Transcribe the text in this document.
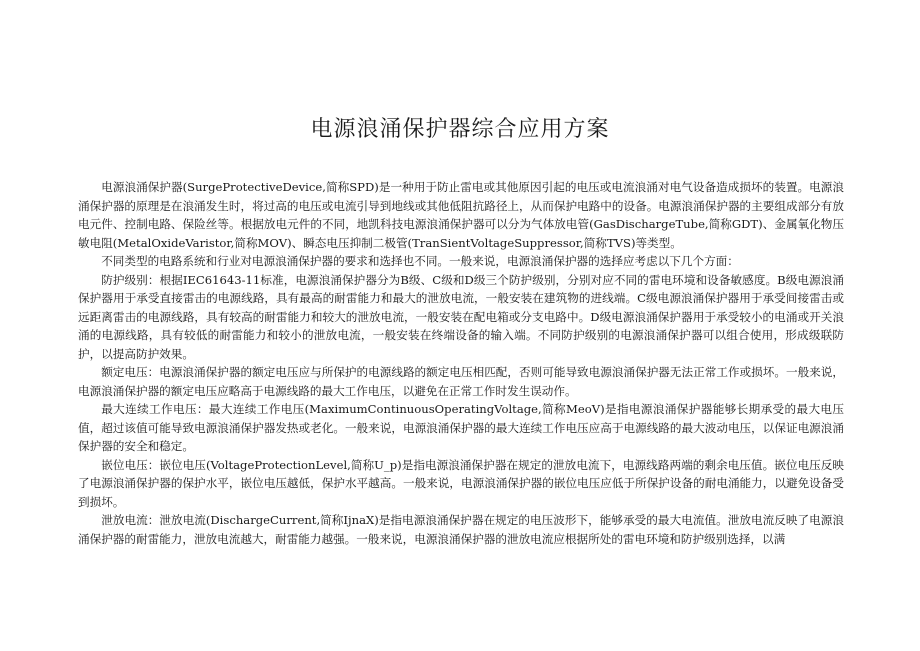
电源浪涌保护器综合应用方案

电源浪涌保护器(SurgeProtectiveDevice,简称SPD)是一种用于防止雷电或其他原因引起的电压或电流浪涌对电气设备造成损坏的装置。电源浪涌保护器的原理是在浪涌发生时，将过高的电压或电流引导到地线或其他低阻抗路径上，从而保护电路中的设备。电源浪涌保护器的主要组成部分有放电元件、控制电路、保险丝等。根据放电元件的不同，地凯科技电源浪涌保护器可以分为气体放电管(GasDischargeTube,简称GDT)、金属氧化物压敏电阻(MetalOxideVaristor,简称MOV)、瞬态电压抑制二极管(TranSientVoltageSuppressor,简称TVS)等类型。

不同类型的电路系统和行业对电源浪涌保护器的要求和选择也不同。一般来说，电源浪涌保护器的选择应考虑以下几个方面：

防护级别：根据IEC61643-11标准，电源浪涌保护器分为B级、C级和D级三个防护级别，分别对应不同的雷电环境和设备敏感度。B级电源浪涌保护器用于承受直接雷击的电源线路，具有最高的耐雷能力和最大的泄放电流，一般安装在建筑物的进线端。C级电源浪涌保护器用于承受间接雷击或远距离雷击的电源线路，具有较高的耐雷能力和较大的泄放电流，一般安装在配电箱或分支电路中。D级电源浪涌保护器用于承受较小的电涌或开关浪涌的电源线路，具有较低的耐雷能力和较小的泄放电流，一般安装在终端设备的输入端。不同防护级别的电源浪涌保护器可以组合使用，形成级联防护，以提高防护效果。

额定电压：电源浪涌保护器的额定电压应与所保护的电源线路的额定电压相匹配，否则可能导致电源浪涌保护器无法正常工作或损坏。一般来说，电源浪涌保护器的额定电压应略高于电源线路的最大工作电压，以避免在正常工作时发生误动作。

最大连续工作电压：最大连续工作电压(MaximumContinuousOperatingVoltage,简称MeoV)是指电源浪涌保护器能够长期承受的最大电压值，超过该值可能导致电源浪涌保护器发热或老化。一般来说，电源浪涌保护器的最大连续工作电压应高于电源线路的最大波动电压，以保证电源浪涌保护器的安全和稳定。

嵌位电压：嵌位电压(VoltageProtectionLevel,简称U_p)是指电源浪涌保护器在规定的泄放电流下，电源线路两端的剩余电压值。嵌位电压反映了电源浪涌保护器的保护水平，嵌位电压越低，保护水平越高。一般来说，电源浪涌保护器的嵌位电压应低于所保护设备的耐电涌能力，以避免设备受到损坏。

泄放电流：泄放电流(DischargeCurrent,简称IjnaX)是指电源浪涌保护器在规定的电压波形下，能够承受的最大电流值。泄放电流反映了电源浪涌保护器的耐雷能力，泄放电流越大，耐雷能力越强。一般来说，电源浪涌保护器的泄放电流应根据所处的雷电环境和防护级别选择，以满
